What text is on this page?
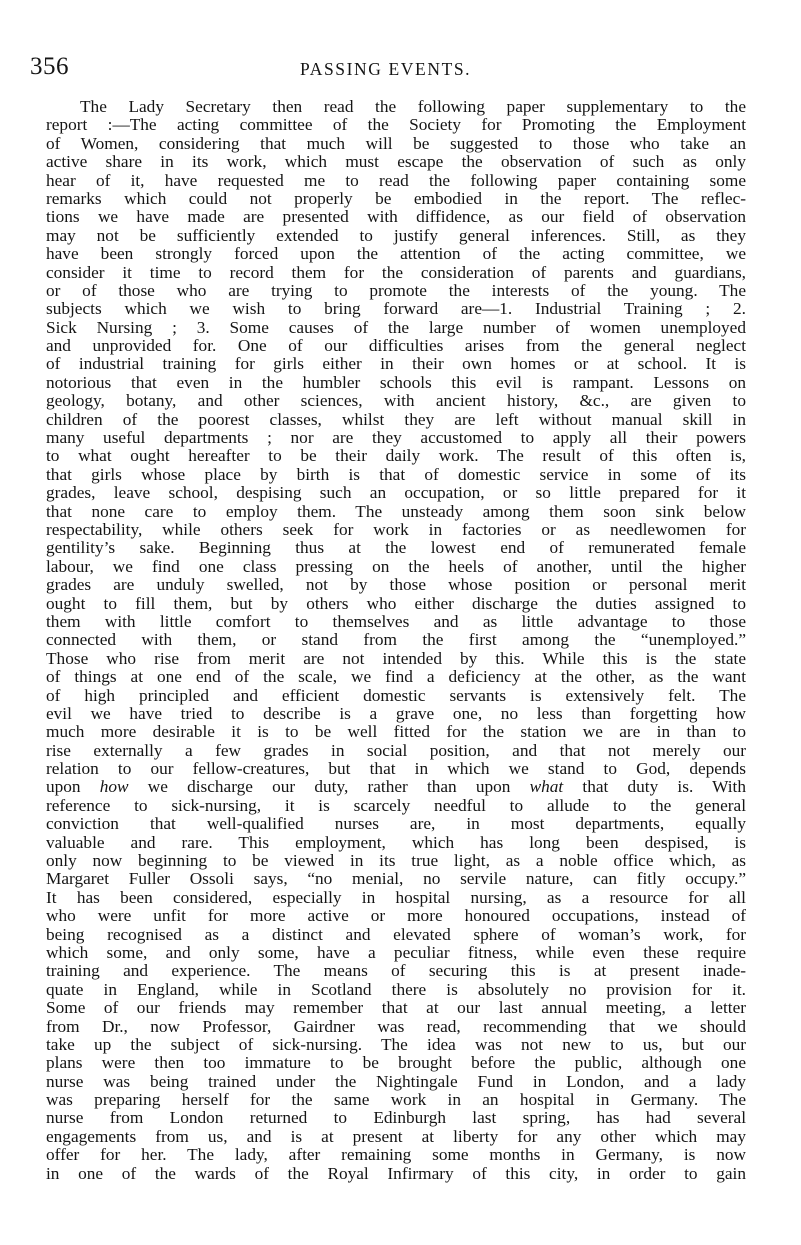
356	PASSING EVENTS.
The Lady Secretary then read the following paper supplementary to the
report :—The acting committee of the Society for Promoting the Employment
of Women, considering that much will be suggested to those who take an
active share in its work, which must escape the observation of such as only
hear of it, have requested me to read the following paper containing some
remarks which could not properly be embodied in the report. The reflec-
tions we have made are presented with diffidence, as our field of observation
may not be sufficiently extended to justify general inferences. Still, as they
have been strongly forced upon the attention of the acting committee, we
consider it time to record them for the consideration of parents and guardians,
or of those who are trying to promote the interests of the young. The
subjects which we wish to bring forward are—1. Industrial Training ; 2.
Sick Nursing ; 3. Some causes of the large number of women unemployed
and unprovided for. One of our difficulties arises from the general neglect
of industrial training for girls either in their own homes or at school. It is
notorious that even in the humbler schools this evil is rampant. Lessons on
geology, botany, and other sciences, with ancient history, &c., are given to
children of the poorest classes, whilst they are left without manual skill in
many useful departments ; nor are they accustomed to apply all their powers
to what ought hereafter to be their daily work. The result of this often is,
that girls whose place by birth is that of domestic service in some of its
grades, leave school, despising such an occupation, or so little prepared for it
that none care to employ them. The unsteady among them soon sink below
respectability, while others seek for work in factories or as needlewomen for
gentility’s sake. Beginning thus at the lowest end of remunerated female
labour, we find one class pressing on the heels of another, until the higher
grades are unduly swelled, not by those whose position or personal merit
ought to fill them, but by others who either discharge the duties assigned to
them with little comfort to themselves and as little advantage to those
connected with them, or stand from the first among the “unemployed.”
Those who rise from merit are not intended by this. While this is the state
of things at one end of the scale, we find a deficiency at the other, as the want
of high principled and efficient domestic servants is extensively felt. The
evil we have tried to describe is a grave one, no less than forgetting how
much more desirable it is to be well fitted for the station we are in than to
rise externally a few grades in social position, and that not merely our
relation to our fellow-creatures, but that in which we stand to God, depends
upon how we discharge our duty, rather than upon what that duty is. With
reference to sick-nursing, it is scarcely needful to allude to the general
conviction that well-qualified nurses are, in most departments, equally
valuable and rare. This employment, which has long been despised, is
only now beginning to be viewed in its true light, as a noble office which, as
Margaret Fuller Ossoli says, “no menial, no servile nature, can fitly occupy.”
It has been considered, especially in hospital nursing, as a resource for all
who were unfit for more active or more honoured occupations, instead of
being recognised as a distinct and elevated sphere of woman’s work, for
which some, and only some, have a peculiar fitness, while even these require
training and experience. The means of securing this is at present inade-
quate in England, while in Scotland there is absolutely no provision for it.
Some of our friends may remember that at our last annual meeting, a letter
from Dr., now Professor, Gairdner was read, recommending that we should
take up the subject of sick-nursing. The idea was not new to us, but our
plans were then too immature to be brought before the public, although one
nurse was being trained under the Nightingale Fund in London, and a lady
was preparing herself for the same work in an hospital in Germany. The
nurse from London returned to Edinburgh last spring, has had several
engagements from us, and is at present at liberty for any other which may
offer for her. The lady, after remaining some months in Germany, is now
in one of the wards of the Royal Infirmary of this city, in order to gain
